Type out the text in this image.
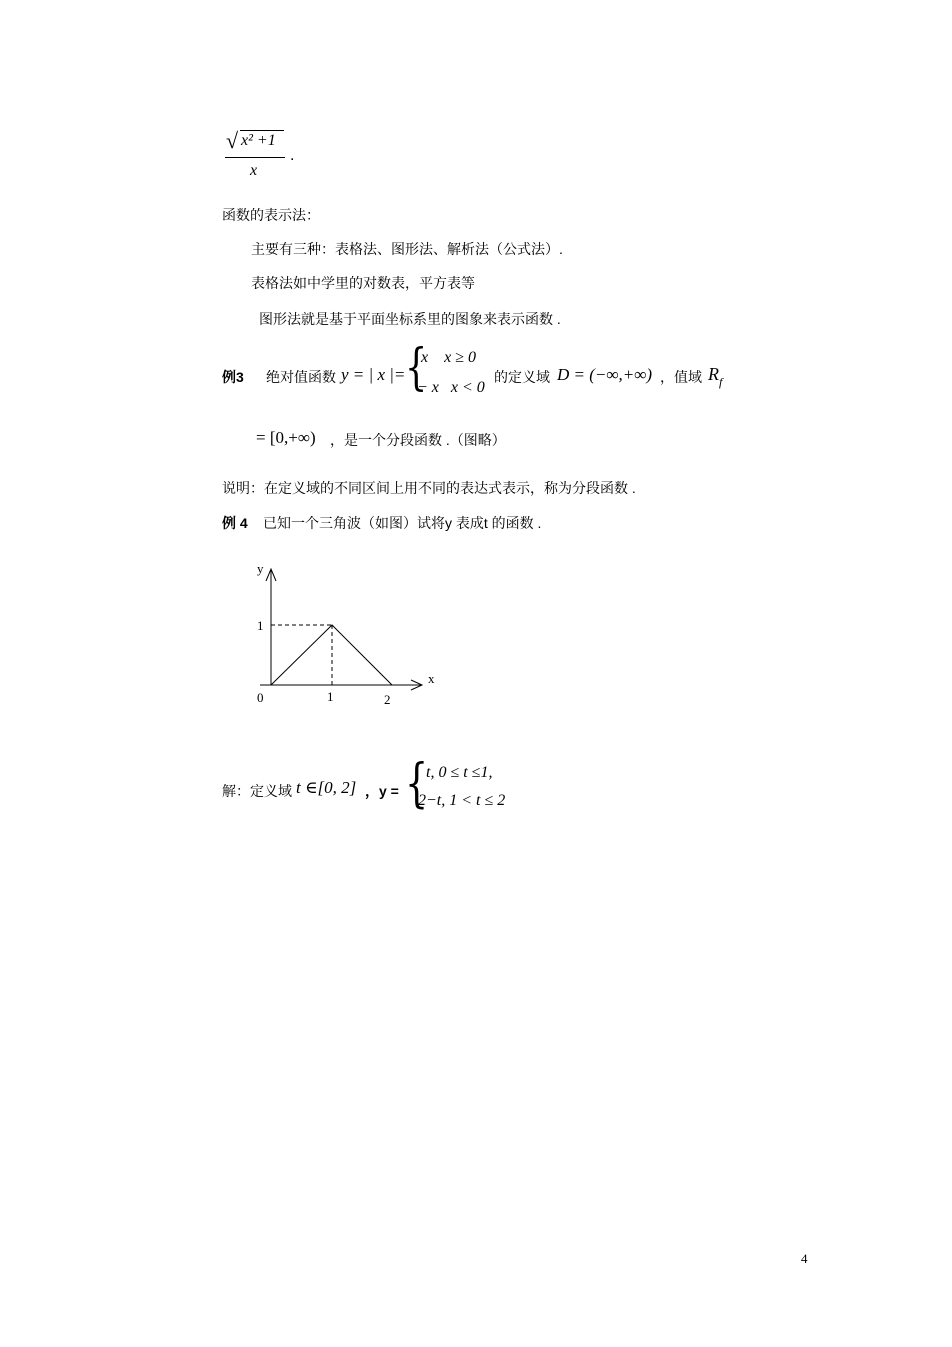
√ x² +1
x
.
函数的表示法：
主要有三种：表格法、图形法、解析法（公式法）.
表格法如中学里的对数表，平方表等
图形法就是基于平面坐标系里的图象来表示函数 .
例3 绝对值函数 y = | x |= {
x    x ≥ 0
− x   x < 0
的定义域 D = (−∞,+∞) ，值域 R f
= [0,+∞) ，是一个分段函数 .（图略）
说明：在定义域的不同区间上用不同的表达式表示，称为分段函数 .
例 4 已知一个三角波（如图）试将y 表成t 的函数 .
y
x
1
0	1	2
解：定义域 t ∈[0, 2] ，y = {
t, 0 ≤ t ≤1,
2−t, 1 < t ≤ 2
4
